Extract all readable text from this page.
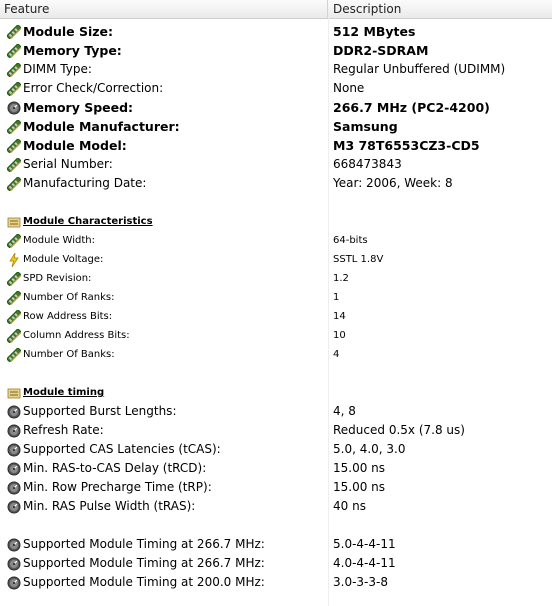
Feature	Description
Module Size:	512 MBytes
Memory Type:	DDR2-SDRAM
DIMM Type:	Regular Unbuffered (UDIMM)
Error Check/Correction:	None
Memory Speed:	266.7 MHz (PC2-4200)
Module Manufacturer:	Samsung
Module Model:	M3 78T6553CZ3-CD5
Serial Number:	668473843
Manufacturing Date:	Year: 2006, Week: 8
Module Characteristics
Module Width:	64-bits
Module Voltage:	SSTL 1.8V
SPD Revision:	1.2
Number Of Ranks:	1
Row Address Bits:	14
Column Address Bits:	10
Number Of Banks:	4
Module timing
Supported Burst Lengths:	4, 8
Refresh Rate:	Reduced 0.5x (7.8 us)
Supported CAS Latencies (tCAS):	5.0, 4.0, 3.0
Min. RAS-to-CAS Delay (tRCD):	15.00 ns
Min. Row Precharge Time (tRP):	15.00 ns
Min. RAS Pulse Width (tRAS):	40 ns
Supported Module Timing at 266.7 MHz:	5.0-4-4-11
Supported Module Timing at 266.7 MHz:	4.0-4-4-11
Supported Module Timing at 200.0 MHz:	3.0-3-3-8
